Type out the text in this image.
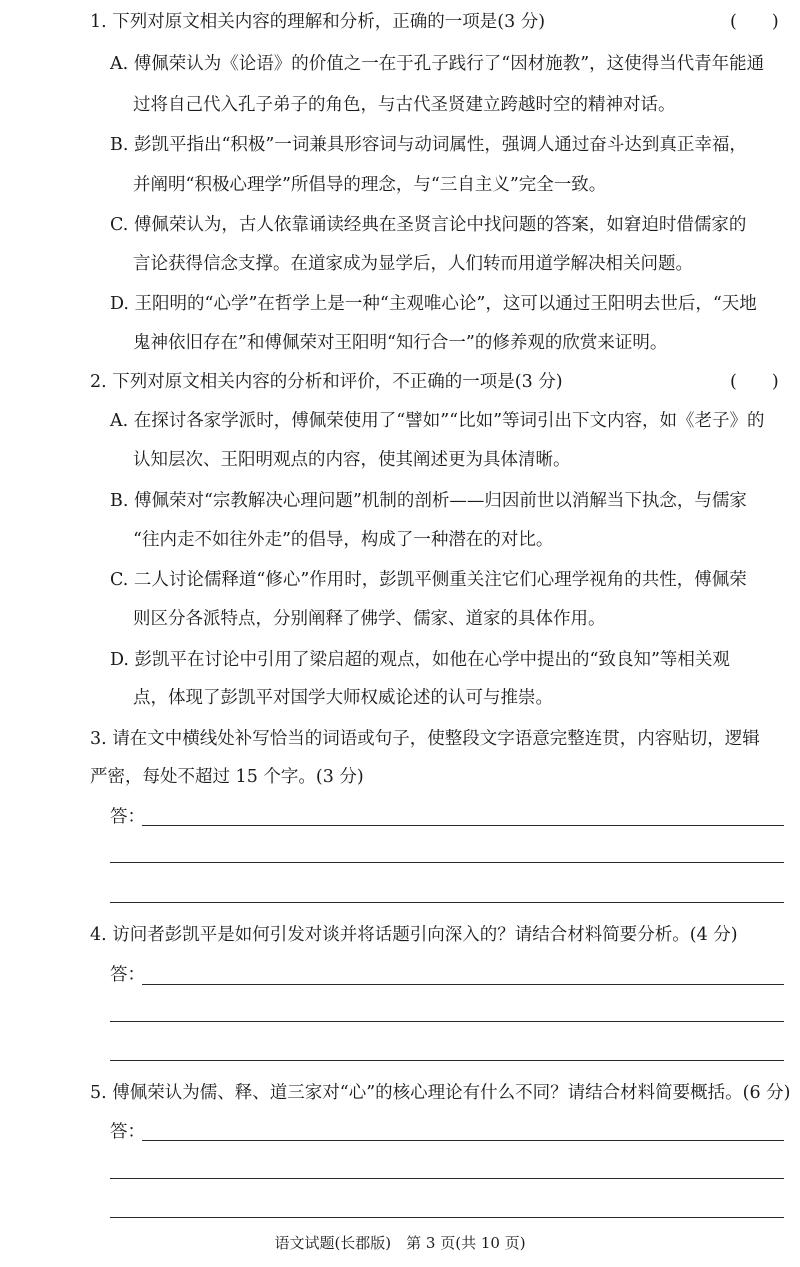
1. 下列对原文相关内容的理解和分析，正确的一项是(3 分)	(　　)
A. 傅佩荣认为《论语》的价值之一在于孔子践行了“因材施教”，这使得当代青年能通
过将自己代入孔子弟子的角色，与古代圣贤建立跨越时空的精神对话。
B. 彭凯平指出“积极”一词兼具形容词与动词属性，强调人通过奋斗达到真正幸福，
并阐明“积极心理学”所倡导的理念，与“三自主义”完全一致。
C. 傅佩荣认为，古人依靠诵读经典在圣贤言论中找问题的答案，如窘迫时借儒家的
言论获得信念支撑。在道家成为显学后，人们转而用道学解决相关问题。
D. 王阳明的“心学”在哲学上是一种“主观唯心论”，这可以通过王阳明去世后，“天地
鬼神依旧存在”和傅佩荣对王阳明“知行合一”的修养观的欣赏来证明。
2. 下列对原文相关内容的分析和评价，不正确的一项是(3 分)	(　　)
A. 在探讨各家学派时，傅佩荣使用了“譬如”“比如”等词引出下文内容，如《老子》的
认知层次、王阳明观点的内容，使其阐述更为具体清晰。
B. 傅佩荣对“宗教解决心理问题”机制的剖析——归因前世以消解当下执念，与儒家
“往内走不如往外走”的倡导，构成了一种潜在的对比。
C. 二人讨论儒释道“修心”作用时，彭凯平侧重关注它们心理学视角的共性，傅佩荣
则区分各派特点，分别阐释了佛学、儒家、道家的具体作用。
D. 彭凯平在讨论中引用了梁启超的观点，如他在心学中提出的“致良知”等相关观
点，体现了彭凯平对国学大师权威论述的认可与推崇。
3. 请在文中横线处补写恰当的词语或句子，使整段文字语意完整连贯，内容贴切，逻辑
严密，每处不超过 15 个字。(3 分)
答：
4. 访问者彭凯平是如何引发对谈并将话题引向深入的？请结合材料简要分析。(4 分)
答：
5. 傅佩荣认为儒、释、道三家对“心”的核心理论有什么不同？请结合材料简要概括。(6 分)
答：
语文试题(长郡版)　第 3 页(共 10 页)
